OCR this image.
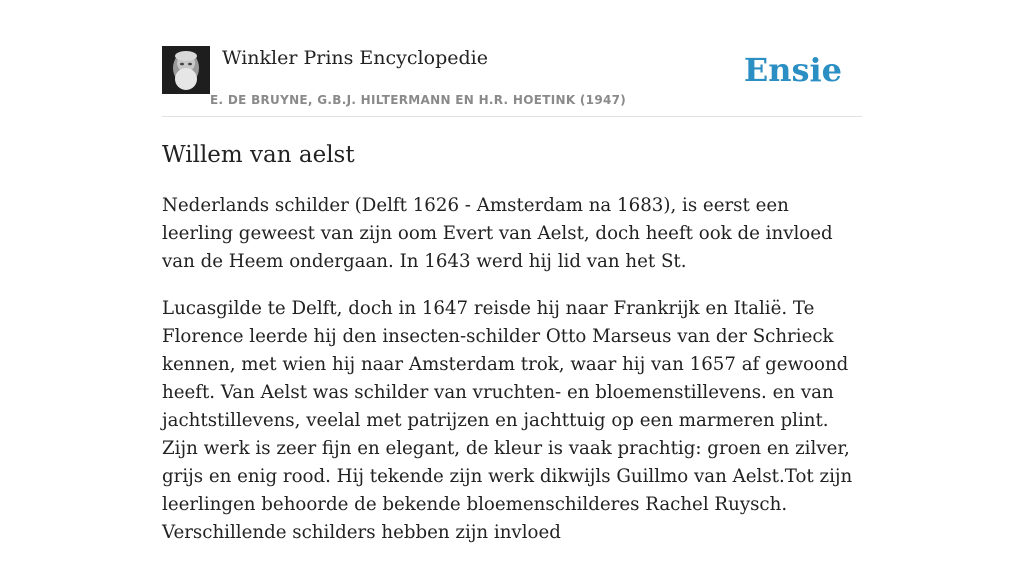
Winkler Prins Encyclopedie
E. DE BRUYNE, G.B.J. HILTERMANN EN H.R. HOETINK (1947)
Ensie
Willem van aelst

Nederlands schilder (Delft 1626 - Amsterdam na 1683), is eerst een leerling geweest van zijn oom Evert van Aelst, doch heeft ook de invloed van de Heem ondergaan. In 1643 werd hij lid van het St.

Lucasgilde te Delft, doch in 1647 reisde hij naar Frankrijk en Italië. Te Florence leerde hij den insecten-schilder Otto Marseus van der Schrieck kennen, met wien hij naar Amsterdam trok, waar hij van 1657 af gewoond heeft. Van Aelst was schilder van vruchten- en bloemenstillevens. en van jachtstillevens, veelal met patrijzen en jachttuig op een marmeren plint. Zijn werk is zeer fijn en elegant, de kleur is vaak prachtig: groen en zilver, grijs en enig rood. Hij tekende zijn werk dikwijls Guillmo van Aelst.Tot zijn leerlingen behoorde de bekende bloemenschilderes Rachel Ruysch. Verschillende schilders hebben zijn invloed
